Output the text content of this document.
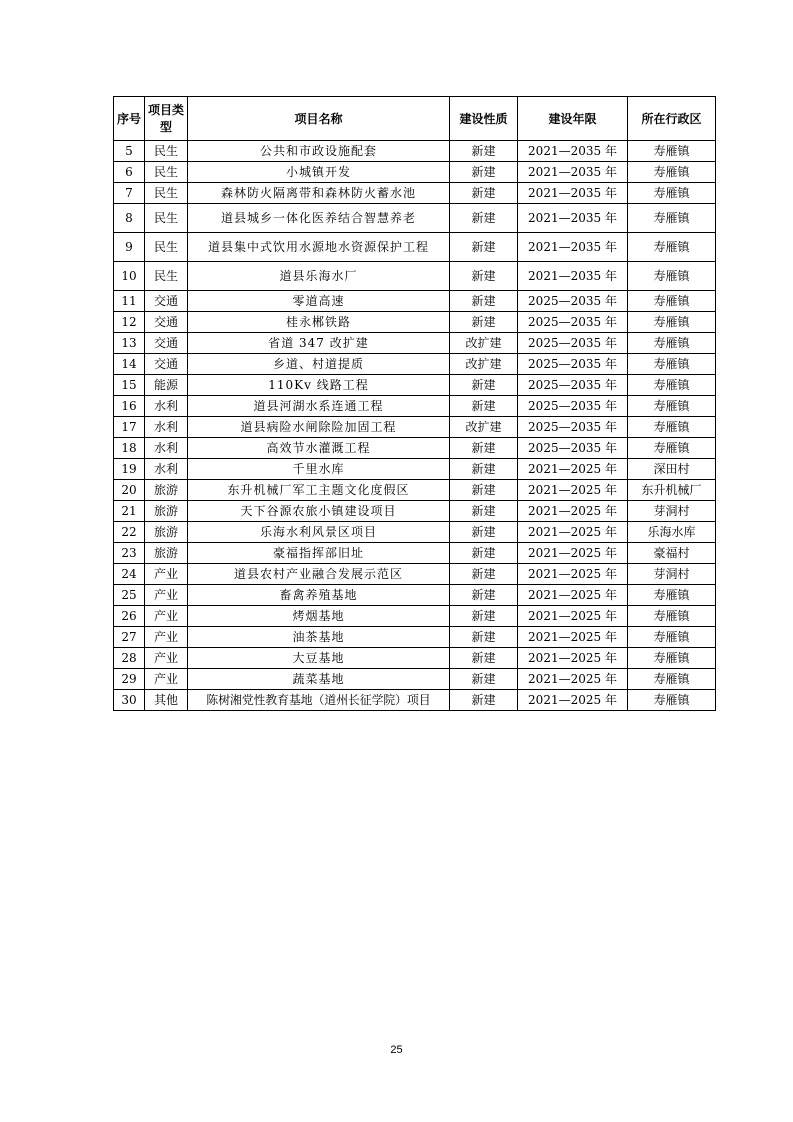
序号	项目类型	项目名称	建设性质	建设年限	所在行政区
5	民生	公共和市政设施配套	新建	2021—2035 年	寿雁镇
6	民生	小城镇开发	新建	2021—2035 年	寿雁镇
7	民生	森林防火隔离带和森林防火蓄水池	新建	2021—2035 年	寿雁镇
8	民生	道县城乡一体化医养结合智慧养老	新建	2021—2035 年	寿雁镇
9	民生	道县集中式饮用水源地水资源保护工程	新建	2021—2035 年	寿雁镇
10	民生	道县乐海水厂	新建	2021—2035 年	寿雁镇
11	交通	零道高速	新建	2025—2035 年	寿雁镇
12	交通	桂永郴铁路	新建	2025—2035 年	寿雁镇
13	交通	省道 347 改扩建	改扩建	2025—2035 年	寿雁镇
14	交通	乡道、村道提质	改扩建	2025—2035 年	寿雁镇
15	能源	110Kv 线路工程	新建	2025—2035 年	寿雁镇
16	水利	道县河湖水系连通工程	新建	2025—2035 年	寿雁镇
17	水利	道县病险水闸除险加固工程	改扩建	2025—2035 年	寿雁镇
18	水利	高效节水灌溉工程	新建	2025—2035 年	寿雁镇
19	水利	千里水库	新建	2021—2025 年	深田村
20	旅游	东升机械厂军工主题文化度假区	新建	2021—2025 年	东升机械厂
21	旅游	天下谷源农旅小镇建设项目	新建	2021—2025 年	芽洞村
22	旅游	乐海水利风景区项目	新建	2021—2025 年	乐海水库
23	旅游	豪福指挥部旧址	新建	2021—2025 年	豪福村
24	产业	道县农村产业融合发展示范区	新建	2021—2025 年	芽洞村
25	产业	畜禽养殖基地	新建	2021—2025 年	寿雁镇
26	产业	烤烟基地	新建	2021—2025 年	寿雁镇
27	产业	油茶基地	新建	2021—2025 年	寿雁镇
28	产业	大豆基地	新建	2021—2025 年	寿雁镇
29	产业	蔬菜基地	新建	2021—2025 年	寿雁镇
30	其他	陈树湘党性教育基地（道州长征学院）项目	新建	2021—2025 年	寿雁镇
25
